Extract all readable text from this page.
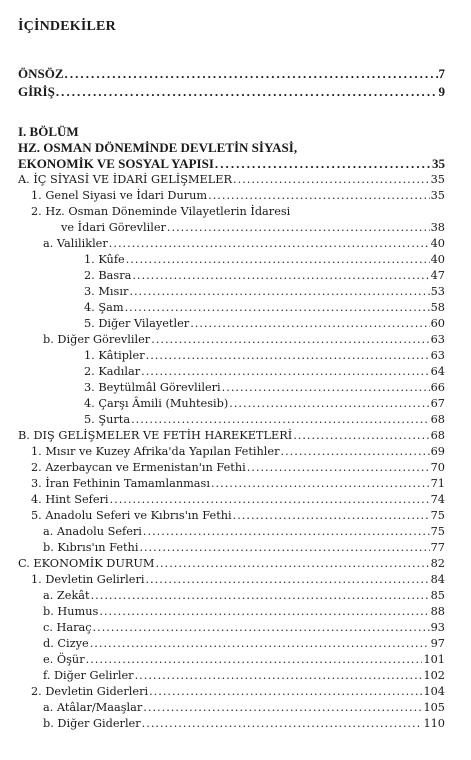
İÇİNDEKİLER
ÖNSÖZ . . .	7
GİRİŞ . . .	9
I. BÖLÜM
HZ. OSMAN DÖNEMİNDE DEVLETİN SİYASİ,
EKONOMİK VE SOSYAL YAPISI . . .	35
A. İÇ SİYASİ VE İDARİ GELİŞMELER . . .	35
1. Genel Siyasi ve İdari Durum . . .	35
2. Hz. Osman Döneminde Vilayetlerin İdaresi
ve İdari Görevliler . . .	38
a. Valilikler . . .	40
1. Kûfe . . .	40
2. Basra . . .	47
3. Mısır . . .	53
4. Şam . . .	58
5. Diğer Vilayetler . . .	60
b. Diğer Görevliler . . .	63
1. Kâtipler . . .	63
2. Kadılar . . .	64
3. Beytülmâl Görevlileri . . .	66
4. Çarşı Âmili (Muhtesib) . . .	67
5. Şurta . . .	68
B. DIŞ GELİŞMELER VE FETİH HAREKETLERİ . . .	68
1. Mısır ve Kuzey Afrika'da Yapılan Fetihler . . .	69
2. Azerbaycan ve Ermenistan'ın Fethi . . .	70
3. İran Fethinin Tamamlanması . . .	71
4. Hint Seferi . . .	74
5. Anadolu Seferi ve Kıbrıs'ın Fethi . . .	75
a. Anadolu Seferi . . .	75
b. Kıbrıs'ın Fethi . . .	77
C. EKONOMİK DURUM . . .	82
1. Devletin Gelirleri . . .	84
a. Zekât . . .	85
b. Humus . . .	88
c. Haraç . . .	93
d. Cizye . . .	97
e. Öşür . . .	101
f. Diğer Gelirler . . .	102
2. Devletin Giderleri . . .	104
a. Atâlar/Maaşlar . . .	105
b. Diğer Giderler . . .	110
